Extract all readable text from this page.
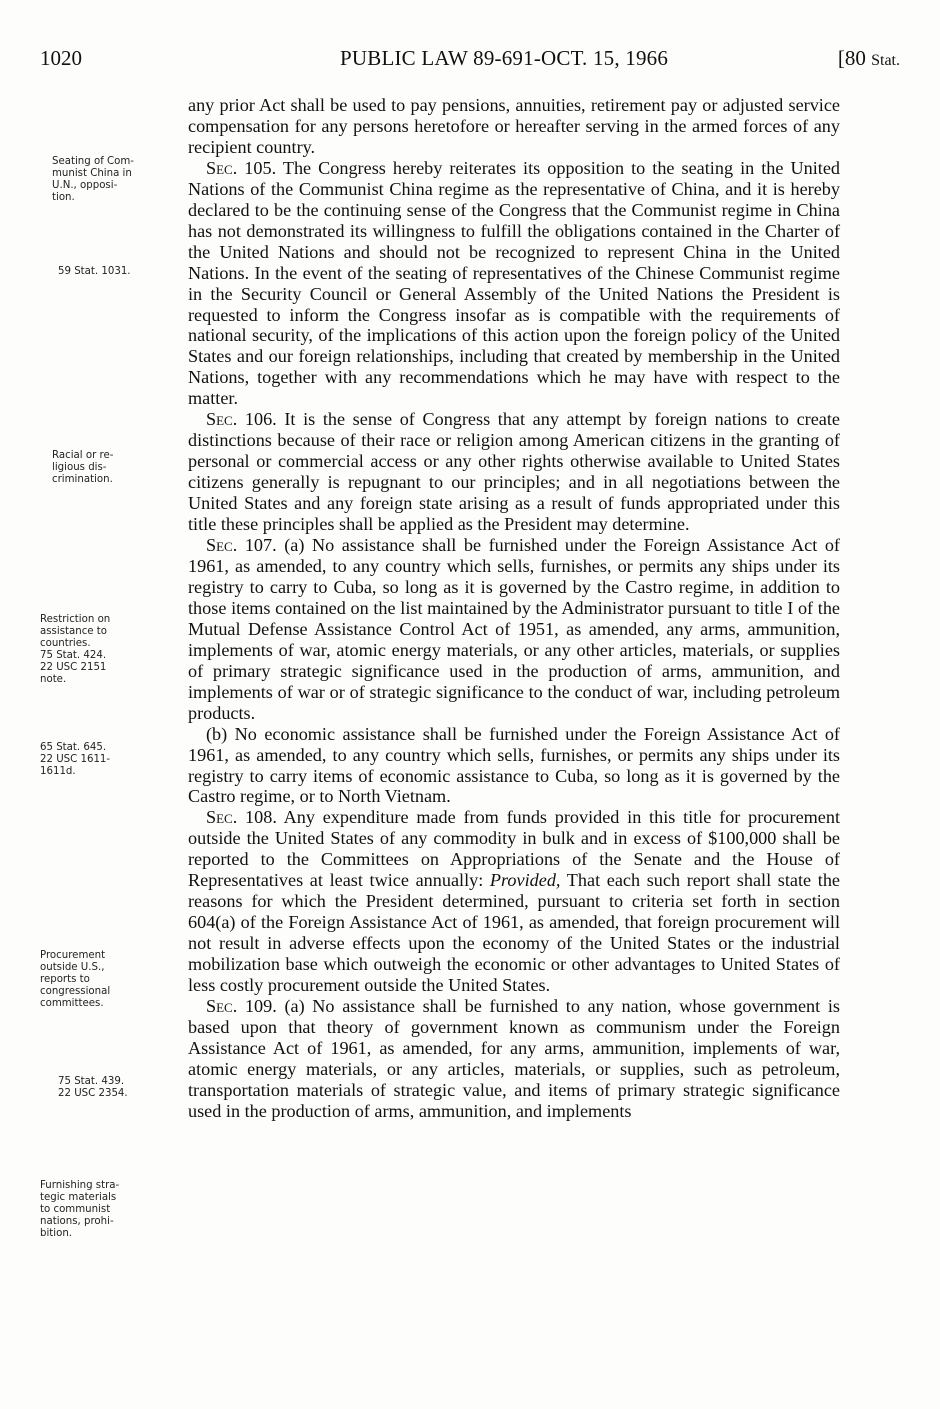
1020	PUBLIC LAW 89-691-OCT. 15, 1966	[80 Stat.
Seating of Com-
munist China in
U.N., opposi-
tion.
59 Stat. 1031.
Racial or re-
ligious dis-
crimination.
Restriction on
assistance to
countries.
75 Stat. 424.
22 USC 2151
note.
65 Stat. 645.
22 USC 1611-
1611d.
Procurement
outside U.S.,
reports to
congressional
committees.
75 Stat. 439.
22 USC 2354.
Furnishing stra-
tegic materials
to communist
nations, prohi-
bition.

any prior Act shall be used to pay pensions, annuities, retirement pay or adjusted service compensation for any persons heretofore or hereafter serving in the armed forces of any recipient country.

Sec. 105. The Congress hereby reiterates its opposition to the seating in the United Nations of the Communist China regime as the representative of China, and it is hereby declared to be the continuing sense of the Congress that the Communist regime in China has not demonstrated its willingness to fulfill the obligations contained in the Charter of the United Nations and should not be recognized to represent China in the United Nations. In the event of the seating of representatives of the Chinese Communist regime in the Security Council or General Assembly of the United Nations the President is requested to inform the Congress insofar as is compatible with the requirements of national security, of the implications of this action upon the foreign policy of the United States and our foreign relationships, including that created by membership in the United Nations, together with any recommendations which he may have with respect to the matter.

Sec. 106. It is the sense of Congress that any attempt by foreign nations to create distinctions because of their race or religion among American citizens in the granting of personal or commercial access or any other rights otherwise available to United States citizens generally is repugnant to our principles; and in all negotiations between the United States and any foreign state arising as a result of funds appropriated under this title these principles shall be applied as the President may determine.

Sec. 107. (a) No assistance shall be furnished under the Foreign Assistance Act of 1961, as amended, to any country which sells, furnishes, or permits any ships under its registry to carry to Cuba, so long as it is governed by the Castro regime, in addition to those items contained on the list maintained by the Administrator pursuant to title I of the Mutual Defense Assistance Control Act of 1951, as amended, any arms, ammunition, implements of war, atomic energy materials, or any other articles, materials, or supplies of primary strategic significance used in the production of arms, ammunition, and implements of war or of strategic significance to the conduct of war, including petroleum products.

(b) No economic assistance shall be furnished under the Foreign Assistance Act of 1961, as amended, to any country which sells, furnishes, or permits any ships under its registry to carry items of economic assistance to Cuba, so long as it is governed by the Castro regime, or to North Vietnam.

Sec. 108. Any expenditure made from funds provided in this title for procurement outside the United States of any commodity in bulk and in excess of $100,000 shall be reported to the Committees on Appropriations of the Senate and the House of Representatives at least twice annually: Provided, That each such report shall state the reasons for which the President determined, pursuant to criteria set forth in section 604(a) of the Foreign Assistance Act of 1961, as amended, that foreign procurement will not result in adverse effects upon the economy of the United States or the industrial mobilization base which outweigh the economic or other advantages to United States of less costly procurement outside the United States.

Sec. 109. (a) No assistance shall be furnished to any nation, whose government is based upon that theory of government known as communism under the Foreign Assistance Act of 1961, as amended, for any arms, ammunition, implements of war, atomic energy materials, or any articles, materials, or supplies, such as petroleum, transportation materials of strategic value, and items of primary strategic significance used in the production of arms, ammunition, and implements
